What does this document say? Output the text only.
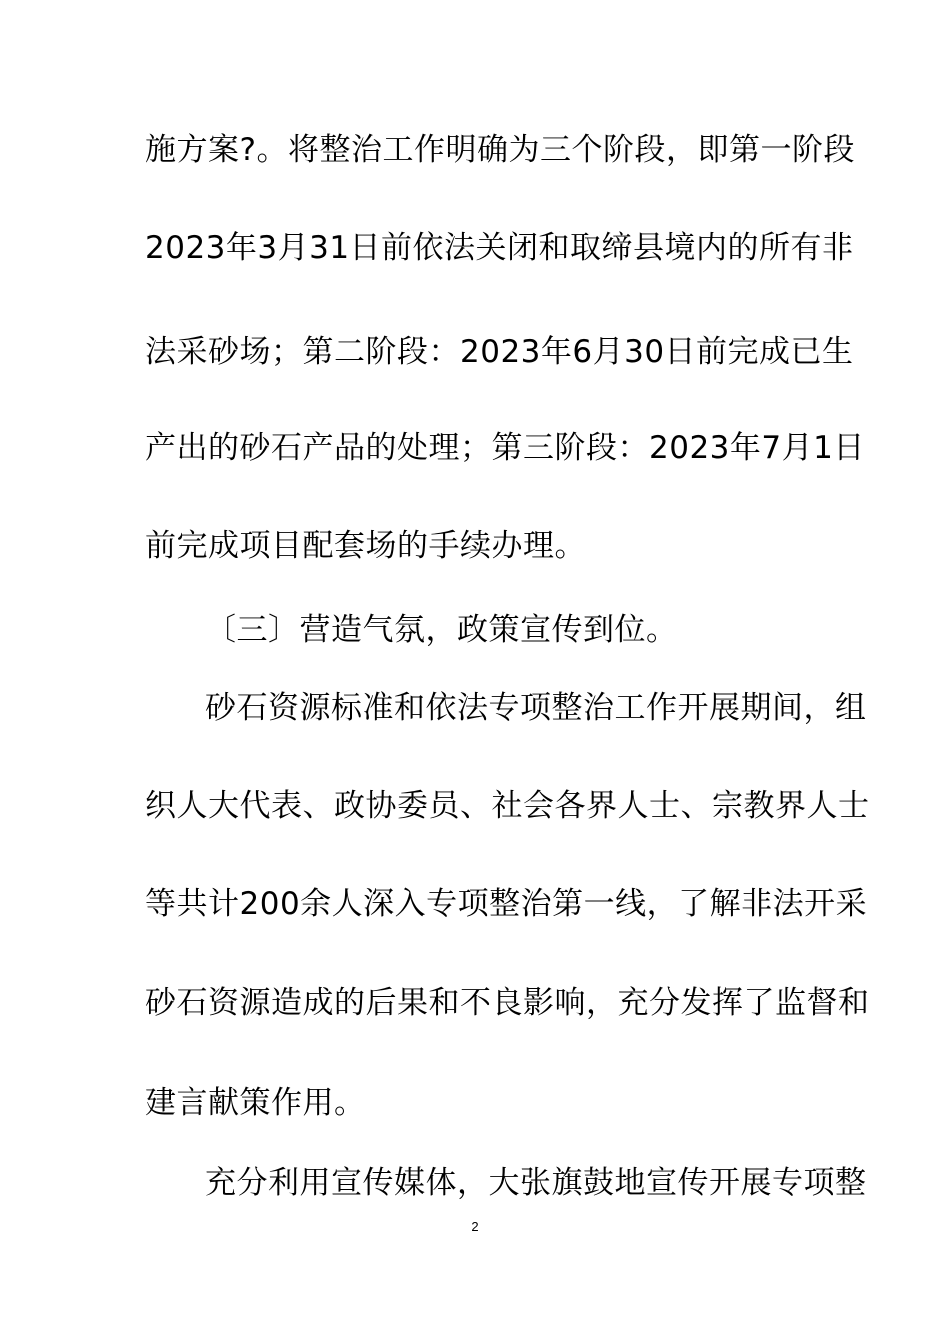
施方案?。将整治工作明确为三个阶段，即第一阶段
2023年3月31日前依法关闭和取缔县境内的所有非
法采砂场；第二阶段：2023年6月30日前完成已生
产出的砂石产品的处理；第三阶段：2023年7月1日
前完成项目配套场的手续办理。
〔三〕营造气氛，政策宣传到位。
砂石资源标准和依法专项整治工作开展期间，组
织人大代表、政协委员、社会各界人士、宗教界人士
等共计200余人深入专项整治第一线，了解非法开采
砂石资源造成的后果和不良影响，充分发挥了监督和
建言献策作用。
充分利用宣传媒体，大张旗鼓地宣传开展专项整
2
